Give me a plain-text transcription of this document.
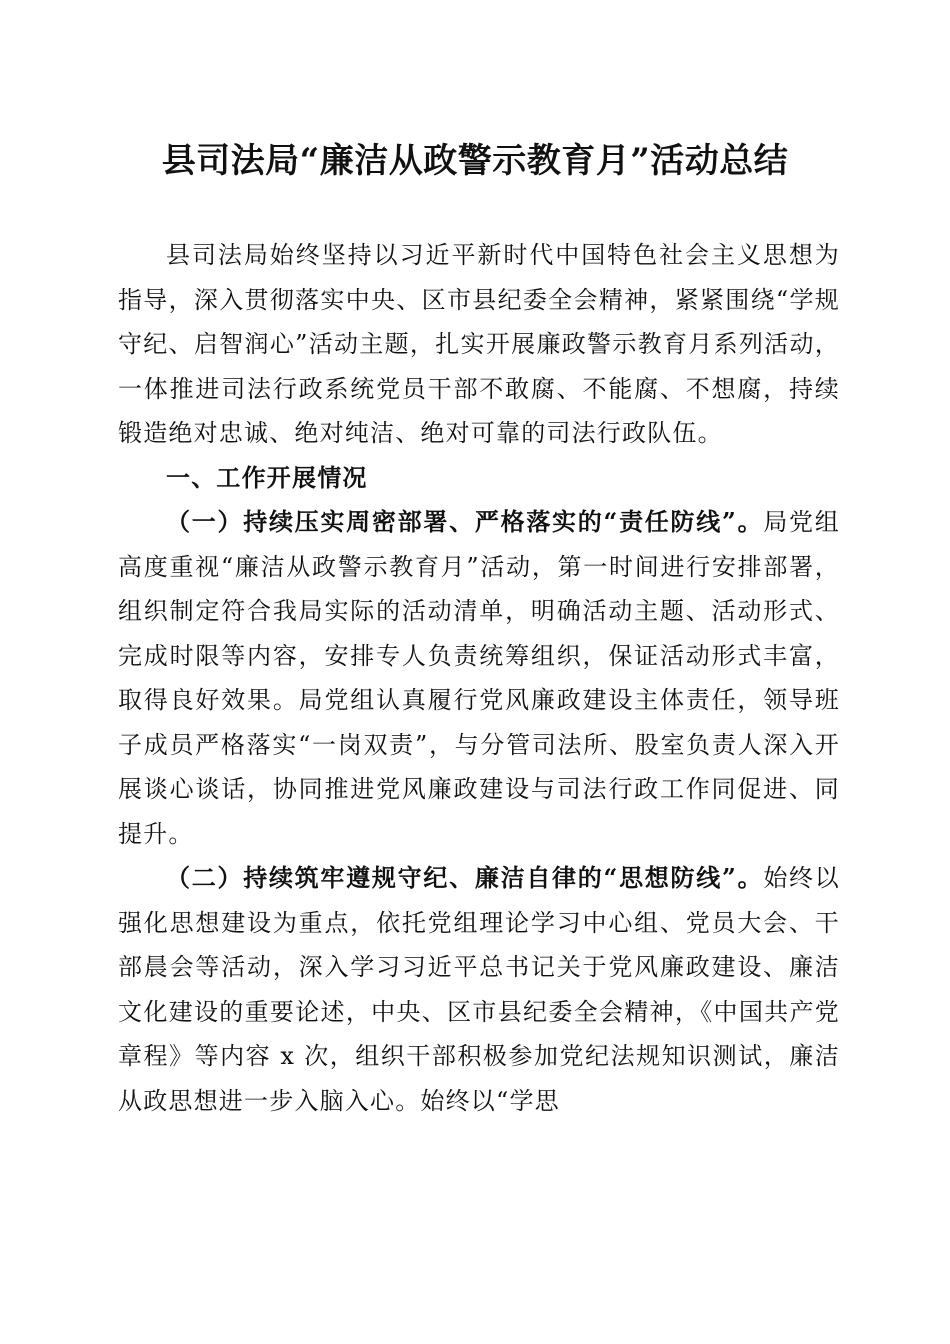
县司法局“廉洁从政警示教育月”活动总结

县司法局始终坚持以习近平新时代中国特色社会主义思想为指导，深入贯彻落实中央、区市县纪委全会精神，紧紧围绕“学规守纪、启智润心”活动主题，扎实开展廉政警示教育月系列活动，一体推进司法行政系统党员干部不敢腐、不能腐、不想腐，持续锻造绝对忠诚、绝对纯洁、绝对可靠的司法行政队伍。

一、工作开展情况

（一）持续压实周密部署、严格落实的“责任防线”。局党组高度重视“廉洁从政警示教育月”活动，第一时间进行安排部署，组织制定符合我局实际的活动清单，明确活动主题、活动形式、完成时限等内容，安排专人负责统筹组织，保证活动形式丰富，取得良好效果。局党组认真履行党风廉政建设主体责任，领导班子成员严格落实“一岗双责”，与分管司法所、股室负责人深入开展谈心谈话，协同推进党风廉政建设与司法行政工作同促进、同提升。

（二）持续筑牢遵规守纪、廉洁自律的“思想防线”。始终以强化思想建设为重点，依托党组理论学习中心组、党员大会、干部晨会等活动，深入学习习近平总书记关于党风廉政建设、廉洁文化建设的重要论述，中央、区市县纪委全会精神，《中国共产党章程》等内容 x 次，组织干部积极参加党纪法规知识测试，廉洁从政思想进一步入脑入心。始终以“学思
